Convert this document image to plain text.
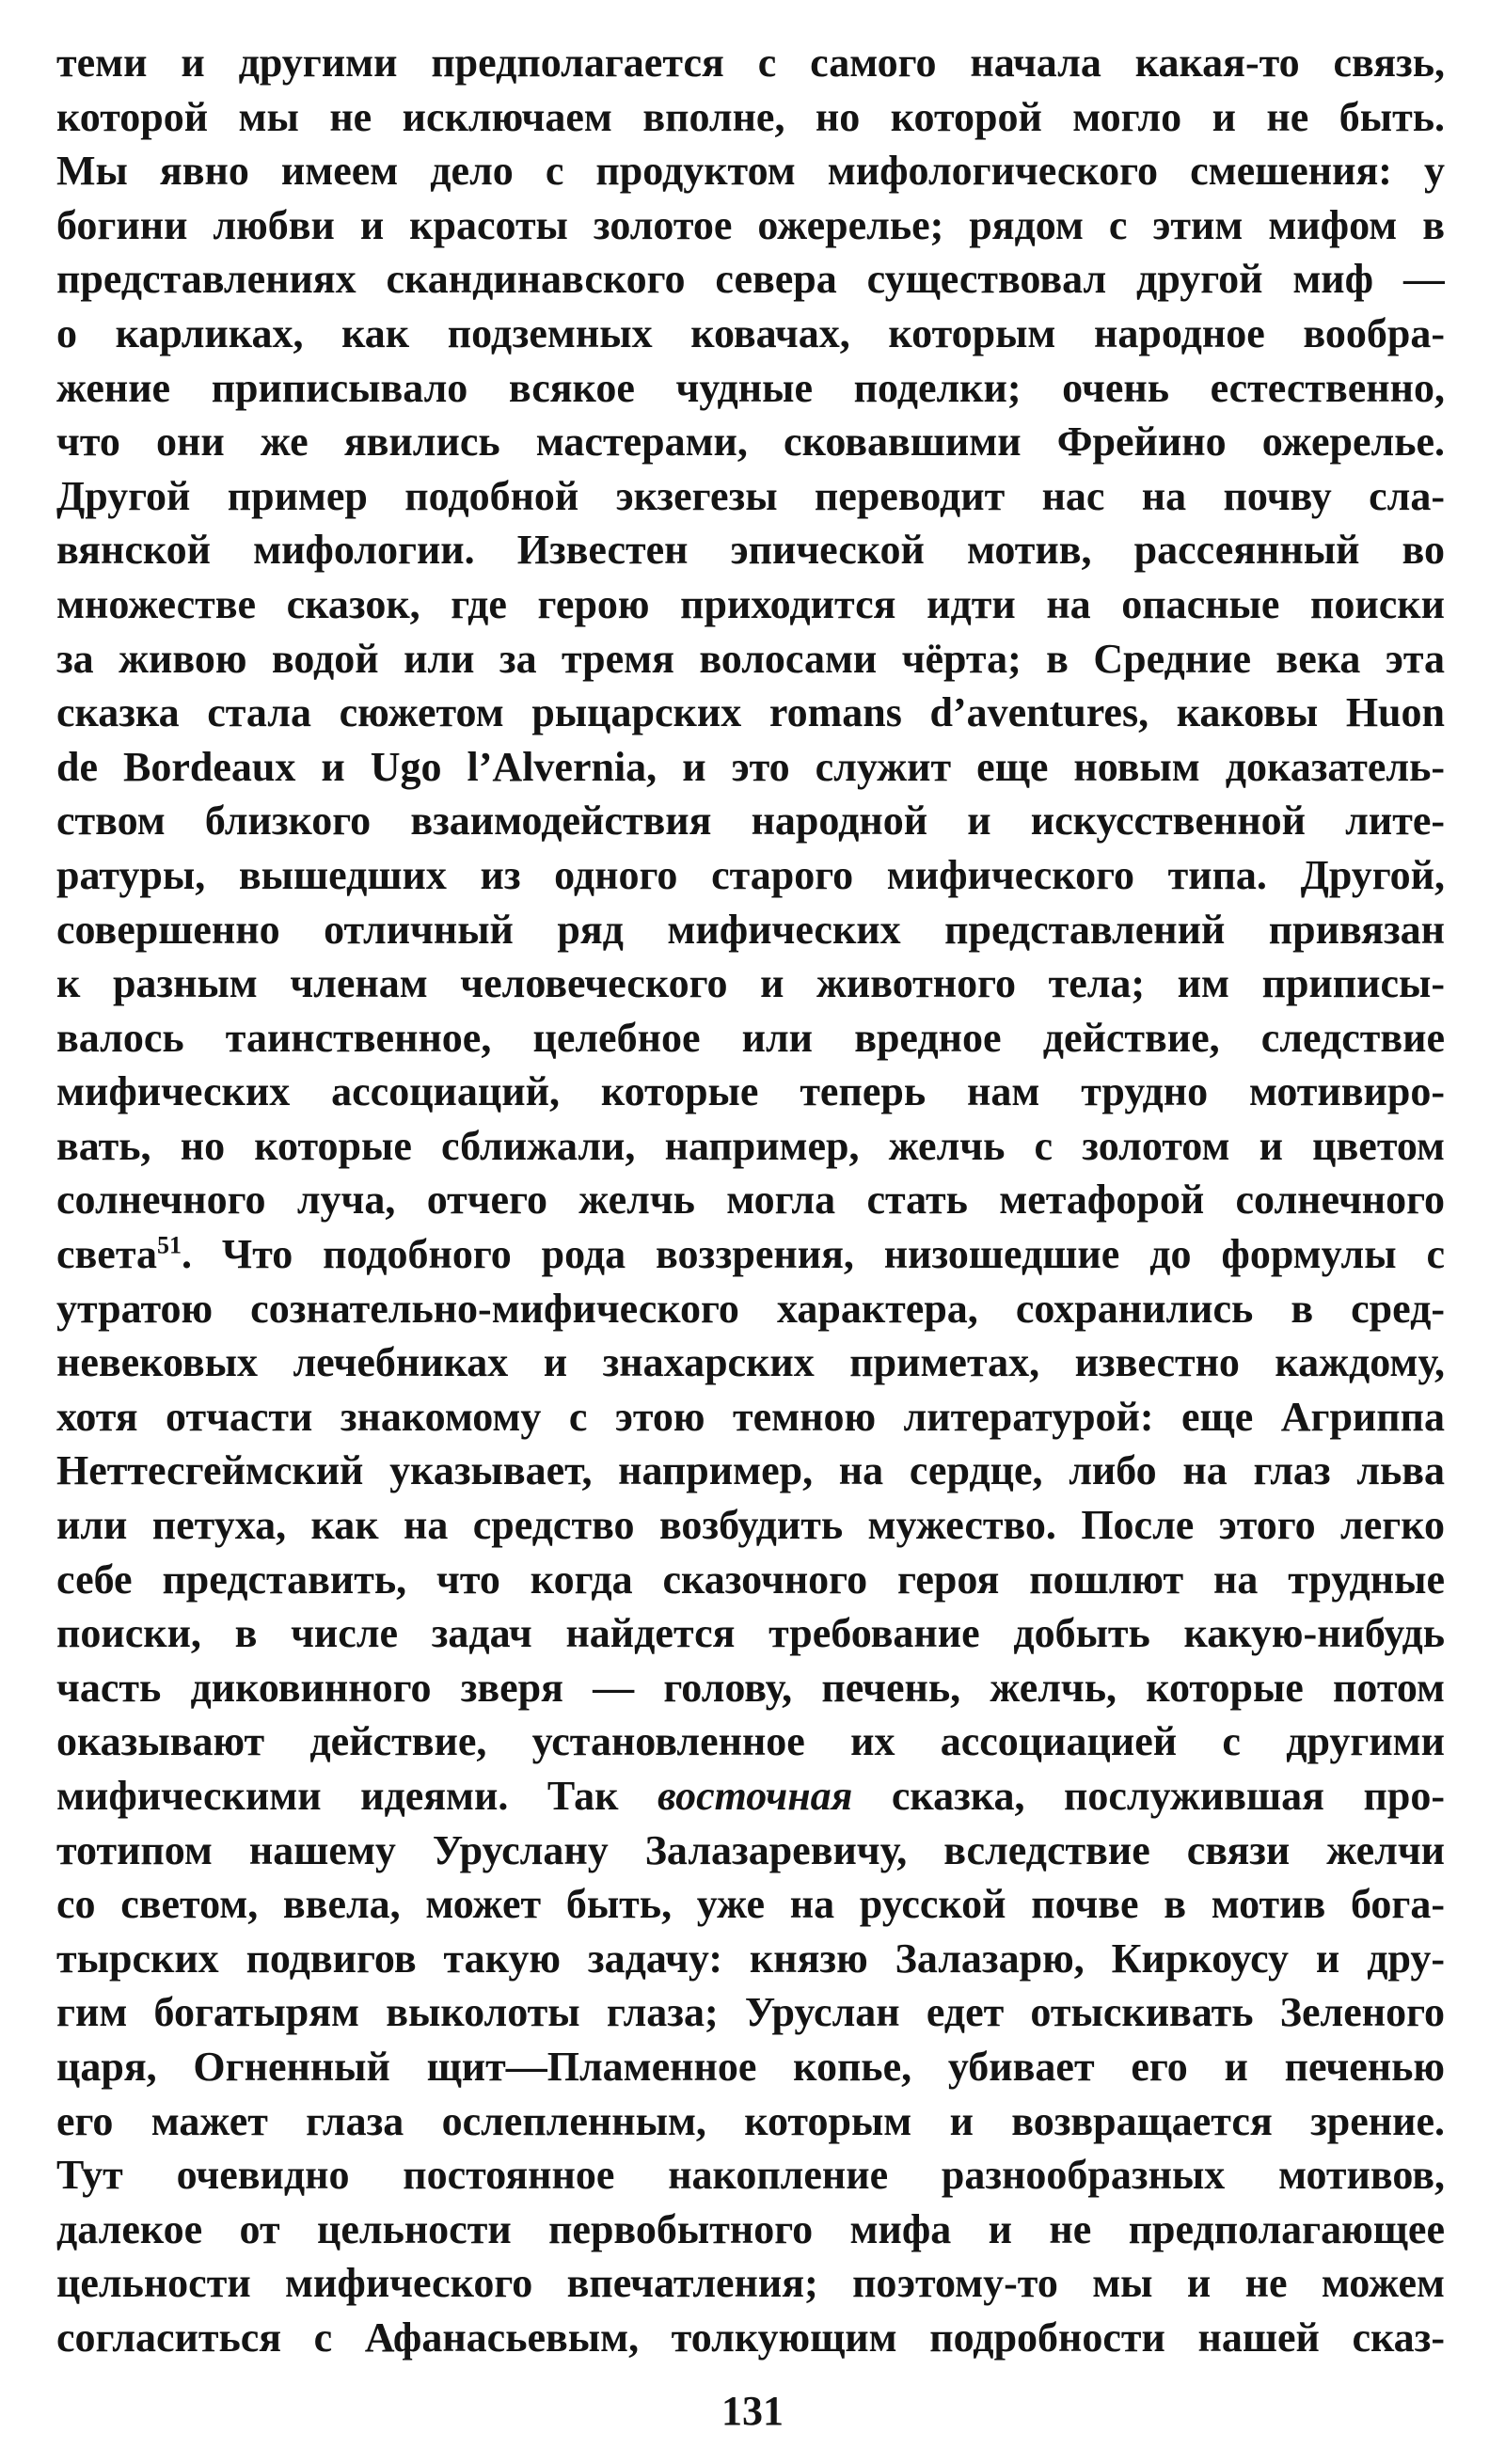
теми и другими предполагается с самого начала какая-то связь,
которой мы не исключаем вполне, но которой могло и не быть.
Мы явно имеем дело с продуктом мифологического смешения: у
богини любви и красоты золотое ожерелье; рядом с этим мифом в
представлениях скандинавского севера существовал другой миф —
о карликах, как подземных ковачах, которым народное вообра-
жение приписывало всякое чудные поделки; очень естественно,
что они же явились мастерами, сковавшими Фрейино ожерелье.
Другой пример подобной экзегезы переводит нас на почву сла-
вянской мифологии. Известен эпической мотив, рассеянный во
множестве сказок, где герою приходится идти на опасные поиски
за живою водой или за тремя волосами чёрта; в Средние века эта
сказка стала сюжетом рыцарских romans d’aventures, каковы Huon
de Bordeaux и Ugo l’Alvernia, и это служит еще новым доказатель-
ством близкого взаимодействия народной и искусственной лите-
ратуры, вышедших из одного старого мифического типа. Другой,
совершенно отличный ряд мифических представлений привязан
к разным членам человеческого и животного тела; им приписы-
валось таинственное, целебное или вредное действие, следствие
мифических ассоциаций, которые теперь нам трудно мотивиро-
вать, но которые сближали, например, желчь с золотом и цветом
солнечного луча, отчего желчь могла стать метафорой солнечного
света$^{51}$. Что подобного рода воззрения, низошедшие до формулы с
утратою сознательно-мифического характера, сохранились в сред-
невековых лечебниках и знахарских приметах, известно каждому,
хотя отчасти знакомому с этою темною литературой: еще Агриппа
Неттесгеймский указывает, например, на сердце, либо на глаз льва
или петуха, как на средство возбудить мужество. После этого легко
себе представить, что когда сказочного героя пошлют на трудные
поиски, в числе задач найдется требование добыть какую-нибудь
часть диковинного зверя — голову, печень, желчь, которые потом
оказывают действие, установленное их ассоциацией с другими
мифическими идеями. Так восточная сказка, послужившая про-
тотипом нашему Уруслану Залазаревичу, вследствие связи желчи
со светом, ввела, может быть, уже на русской почве в мотив бога-
тырских подвигов такую задачу: князю Залазарю, Киркоусу и дру-
гим богатырям выколоты глаза; Уруслан едет отыскивать Зеленого
царя, Огненный щит—Пламенное копье, убивает его и печенью
его мажет глаза ослепленным, которым и возвращается зрение.
Тут очевидно постоянное накопление разнообразных мотивов,
далекое от цельности первобытного мифа и не предполагающее
цельности мифического впечатления; поэтому-то мы и не можем
согласиться с Афанасьевым, толкующим подробности нашей сказ-
131
